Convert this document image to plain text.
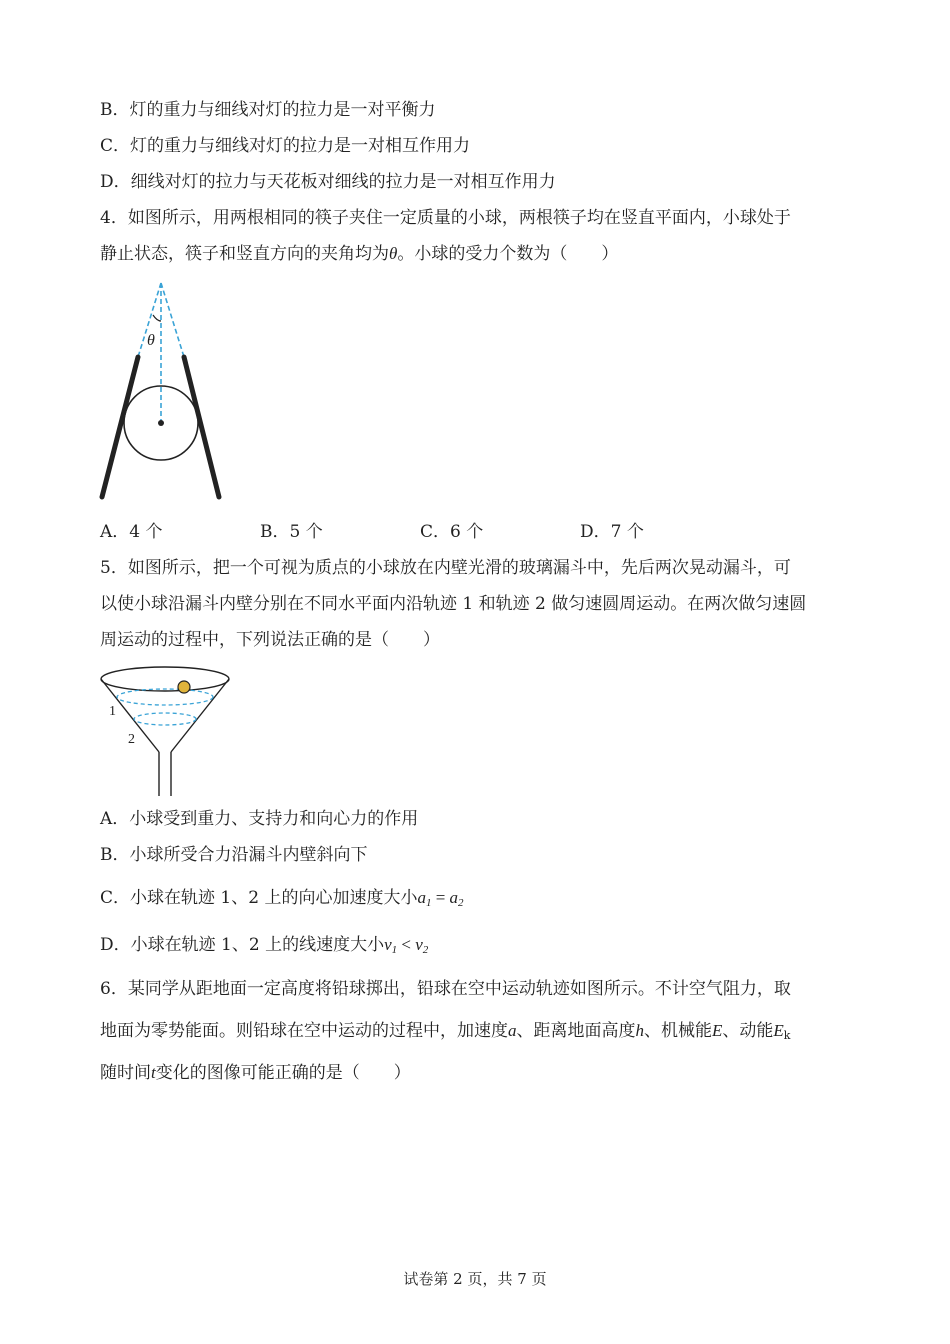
B．灯的重力与细线对灯的拉力是一对平衡力
C．灯的重力与细线对灯的拉力是一对相互作用力
D．细线对灯的拉力与天花板对细线的拉力是一对相互作用力
4．如图所示，用两根相同的筷子夹住一定质量的小球，两根筷子均在竖直平面内，小球处于
静止状态，筷子和竖直方向的夹角均为θ。小球的受力个数为（　　）
θ
A．4 个	B．5 个	C．6 个	D．7 个
5．如图所示，把一个可视为质点的小球放在内壁光滑的玻璃漏斗中，先后两次晃动漏斗，可
以使小球沿漏斗内壁分别在不同水平面内沿轨迹 1 和轨迹 2 做匀速圆周运动。在两次做匀速圆
周运动的过程中，下列说法正确的是（　　）
1
2
A．小球受到重力、支持力和向心力的作用
B．小球所受合力沿漏斗内壁斜向下
C．小球在轨迹 1、2 上的向心加速度大小$a_1 = a_2$
D．小球在轨迹 1、2 上的线速度大小$v_1 < v_2$
6．某同学从距地面一定高度将铅球掷出，铅球在空中运动轨迹如图所示。不计空气阻力，取
地面为零势能面。则铅球在空中运动的过程中，加速度a、距离地面高度h、机械能E、动能$E_k$
随时间t变化的图像可能正确的是（　　）
试卷第 2 页，共 7 页
